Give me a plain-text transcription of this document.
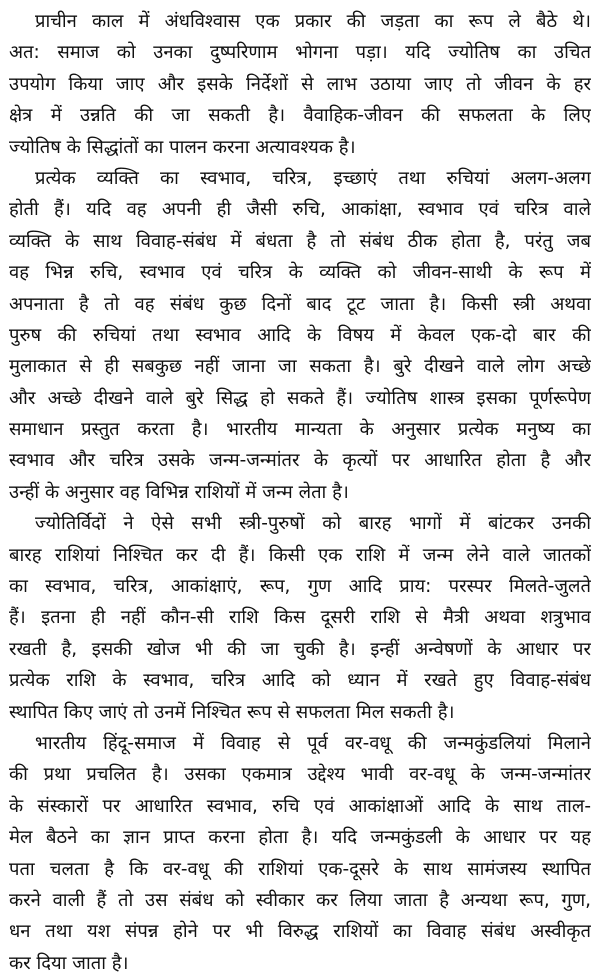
प्राचीन काल में अंधविश्वास एक प्रकार की जड़ता का रूप ले बैठे थे।
अत: समाज को उनका दुष्परिणाम भोगना पड़ा। यदि ज्योतिष का उचित
उपयोग किया जाए और इसके निर्देशों से लाभ उठाया जाए तो जीवन के हर
क्षेत्र में उन्नति की जा सकती है। वैवाहिक-जीवन की सफलता के लिए
ज्योतिष के सिद्धांतों का पालन करना अत्यावश्यक है।
प्रत्येक व्यक्ति का स्वभाव, चरित्र, इच्छाएं तथा रुचियां अलग-अलग
होती हैं। यदि वह अपनी ही जैसी रुचि, आकांक्षा, स्वभाव एवं चरित्र वाले
व्यक्ति के साथ विवाह-संबंध में बंधता है तो संबंध ठीक होता है, परंतु जब
वह भिन्न रुचि, स्वभाव एवं चरित्र के व्यक्ति को जीवन-साथी के रूप में
अपनाता है तो वह संबंध कुछ दिनों बाद टूट जाता है। किसी स्त्री अथवा
पुरुष की रुचियां तथा स्वभाव आदि के विषय में केवल एक-दो बार की
मुलाकात से ही सबकुछ नहीं जाना जा सकता है। बुरे दीखने वाले लोग अच्छे
और अच्छे दीखने वाले बुरे सिद्ध हो सकते हैं। ज्योतिष शास्त्र इसका पूर्णरूपेण
समाधान प्रस्तुत करता है। भारतीय मान्यता के अनुसार प्रत्येक मनुष्य का
स्वभाव और चरित्र उसके जन्म-जन्मांतर के कृत्यों पर आधारित होता है और
उन्हीं के अनुसार वह विभिन्न राशियों में जन्म लेता है।
ज्योतिर्विदों ने ऐसे सभी स्त्री-पुरुषों को बारह भागों में बांटकर उनकी
बारह राशियां निश्चित कर दी हैं। किसी एक राशि में जन्म लेने वाले जातकों
का स्वभाव, चरित्र, आकांक्षाएं, रूप, गुण आदि प्राय: परस्पर मिलते-जुलते
हैं। इतना ही नहीं कौन-सी राशि किस दूसरी राशि से मैत्री अथवा शत्रुभाव
रखती है, इसकी खोज भी की जा चुकी है। इन्हीं अन्वेषणों के आधार पर
प्रत्येक राशि के स्वभाव, चरित्र आदि को ध्यान में रखते हुए विवाह-संबंध
स्थापित किए जाएं तो उनमें निश्चित रूप से सफलता मिल सकती है।
भारतीय हिंदू-समाज में विवाह से पूर्व वर-वधू की जन्मकुंडलियां मिलाने
की प्रथा प्रचलित है। उसका एकमात्र उद्देश्य भावी वर-वधू के जन्म-जन्मांतर
के संस्कारों पर आधारित स्वभाव, रुचि एवं आकांक्षाओं आदि के साथ ताल-
मेल बैठने का ज्ञान प्राप्त करना होता है। यदि जन्मकुंडली के आधार पर यह
पता चलता है कि वर-वधू की राशियां एक-दूसरे के साथ सामंजस्य स्थापित
करने वाली हैं तो उस संबंध को स्वीकार कर लिया जाता है अन्यथा रूप, गुण,
धन तथा यश संपन्न होने पर भी विरुद्ध राशियों का विवाह संबंध अस्वीकृत
कर दिया जाता है।
